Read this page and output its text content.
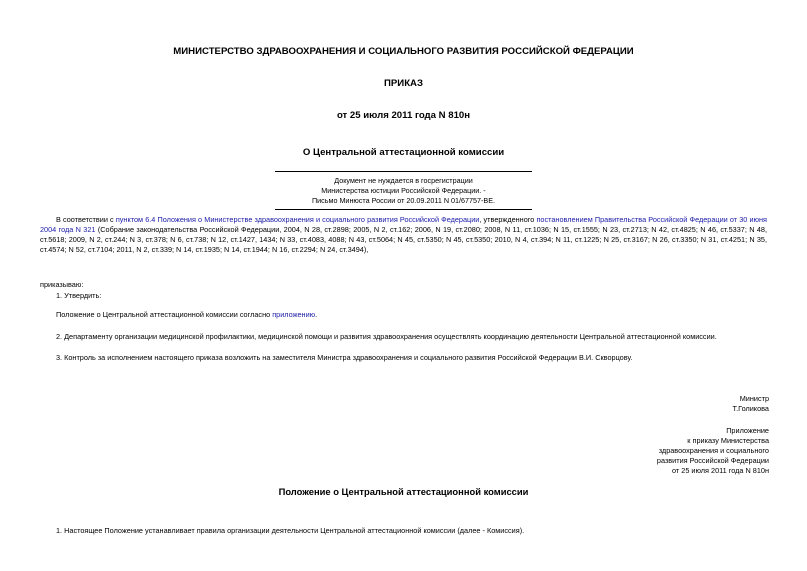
МИНИСТЕРСТВО ЗДРАВООХРАНЕНИЯ И СОЦИАЛЬНОГО РАЗВИТИЯ РОССИЙСКОЙ ФЕДЕРАЦИИ
ПРИКАЗ
от 25 июля 2011 года N 810н
О Центральной аттестационной комиссии
Документ не нуждается в госрегистрации
Министерства юстиции Российской Федерации. -
Письмо Минюста России от 20.09.2011 N 01/67757-ВЕ.
В соответствии с пунктом 6.4 Положения о Министерстве здравоохранения и социального развития Российской Федерации, утвержденного постановлением Правительства Российской Федерации от 30 июня 2004 года N 321 (Собрание законодательства Российской Федерации, 2004, N 28, ст.2898; 2005, N 2, ст.162; 2006, N 19, ст.2080; 2008, N 11, ст.1036; N 15, ст.1555; N 23, ст.2713; N 42, ст.4825; N 46, ст.5337; N 48, ст.5618; 2009, N 2, ст.244; N 3, ст.378; N 6, ст.738; N 12, ст.1427, 1434; N 33, ст.4083, 4088; N 43, ст.5064; N 45, ст.5350; N 45, ст.5350; 2010, N 4, ст.394; N 11, ст.1225; N 25, ст.3167; N 26, ст.3350; N 31, ст.4251; N 35, ст.4574; N 52, ст.7104; 2011, N 2, ст.339; N 14, ст.1935; N 14, ст.1944; N 16, ст.2294; N 24, ст.3494),
приказываю:
1. Утвердить:
Положение о Центральной аттестационной комиссии согласно приложению.
2. Департаменту организации медицинской профилактики, медицинской помощи и развития здравоохранения осуществлять координацию деятельности Центральной аттестационной комиссии.
3. Контроль за исполнением настоящего приказа возложить на заместителя Министра здравоохранения и социального развития Российской Федерации В.И. Скворцову.
Министр
Т.Голикова
Приложение
к приказу Министерства
здравоохранения и социального
развития Российской Федерации
от 25 июля 2011 года N 810н
Положение о Центральной аттестационной комиссии
1. Настоящее Положение устанавливает правила организации деятельности Центральной аттестационной комиссии (далее - Комиссия).
